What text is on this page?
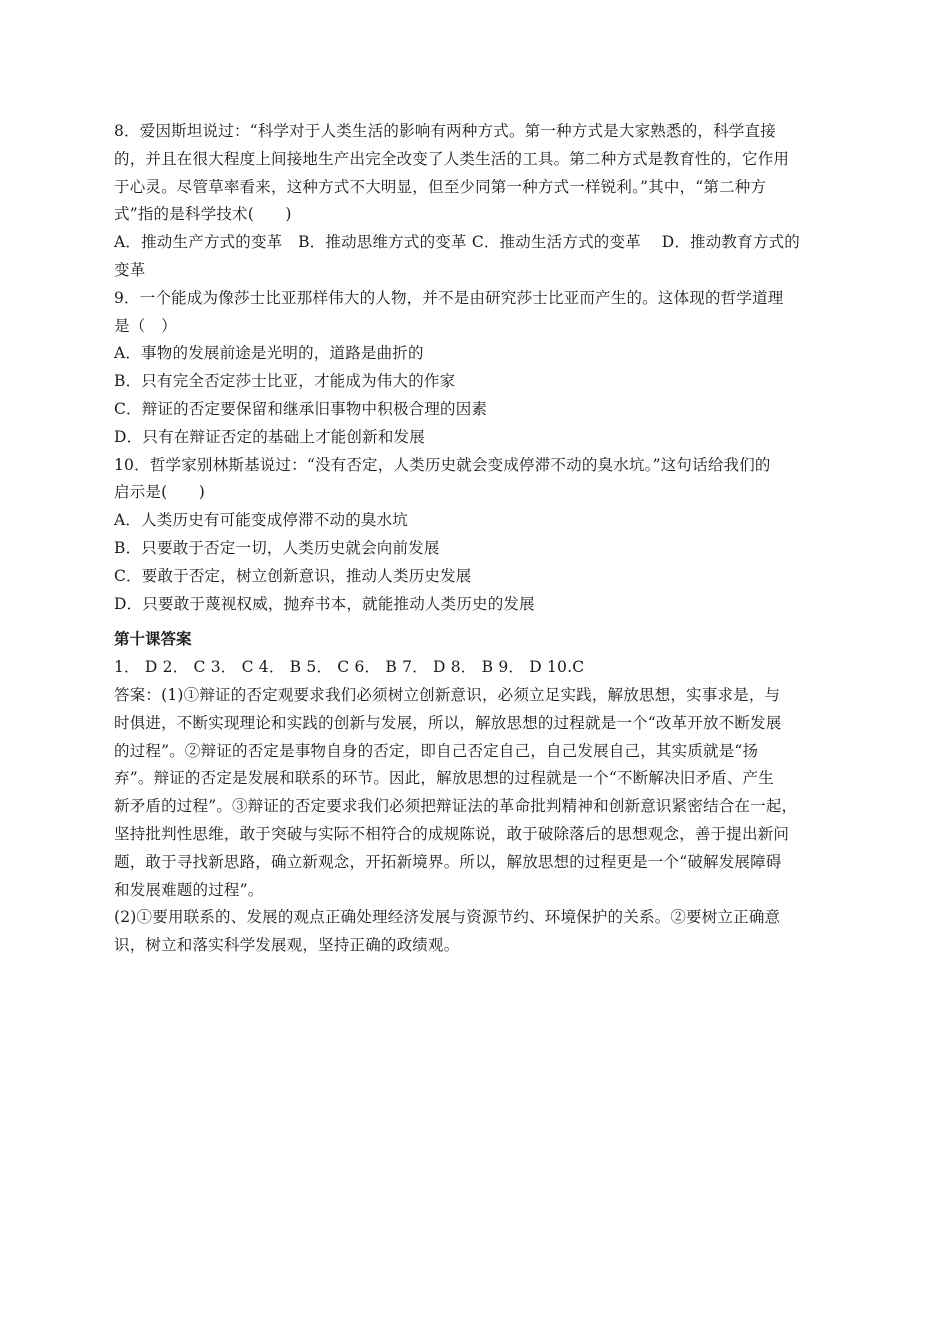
8．爱因斯坦说过：“科学对于人类生活的影响有两种方式。第一种方式是大家熟悉的，科学直接
的，并且在很大程度上间接地生产出完全改变了人类生活的工具。第二种方式是教育性的，它作用
于心灵。尽管草率看来，这种方式不大明显，但至少同第一种方式一样锐利。”其中，“第二种方
式”指的是科学技术(　　)
A．推动生产方式的变革　B．推动思维方式的变革 C．推动生活方式的变革　 D．推动教育方式的
变革
9．一个能成为像莎士比亚那样伟大的人物，并不是由研究莎士比亚而产生的。这体现的哲学道理
是（　）
A．事物的发展前途是光明的，道路是曲折的
B．只有完全否定莎士比亚，才能成为伟大的作家
C．辩证的否定要保留和继承旧事物中积极合理的因素
D．只有在辩证否定的基础上才能创新和发展
10．哲学家别林斯基说过：“没有否定，人类历史就会变成停滞不动的臭水坑。”这句话给我们的
启示是(　　)
A．人类历史有可能变成停滞不动的臭水坑
B．只要敢于否定一切，人类历史就会向前发展
C．要敢于否定，树立创新意识，推动人类历史发展
D．只要敢于蔑视权威，抛弃书本，就能推动人类历史的发展
第十课答案
1． D 2． C 3． C 4． B 5． C 6． B 7． D 8． B 9． D 10.C
答案：(1)①辩证的否定观要求我们必须树立创新意识，必须立足实践，解放思想，实事求是，与
时俱进，不断实现理论和实践的创新与发展，所以，解放思想的过程就是一个“改革开放不断发展
的过程”。②辩证的否定是事物自身的否定，即自己否定自己，自己发展自己，其实质就是“扬
弃”。辩证的否定是发展和联系的环节。因此，解放思想的过程就是一个“不断解决旧矛盾、产生
新矛盾的过程”。③辩证的否定要求我们必须把辩证法的革命批判精神和创新意识紧密结合在一起，
坚持批判性思维，敢于突破与实际不相符合的成规陈说，敢于破除落后的思想观念，善于提出新问
题，敢于寻找新思路，确立新观念，开拓新境界。所以，解放思想的过程更是一个“破解发展障碍
和发展难题的过程”。
(2)①要用联系的、发展的观点正确处理经济发展与资源节约、环境保护的关系。②要树立正确意
识，树立和落实科学发展观，坚持正确的政绩观。
